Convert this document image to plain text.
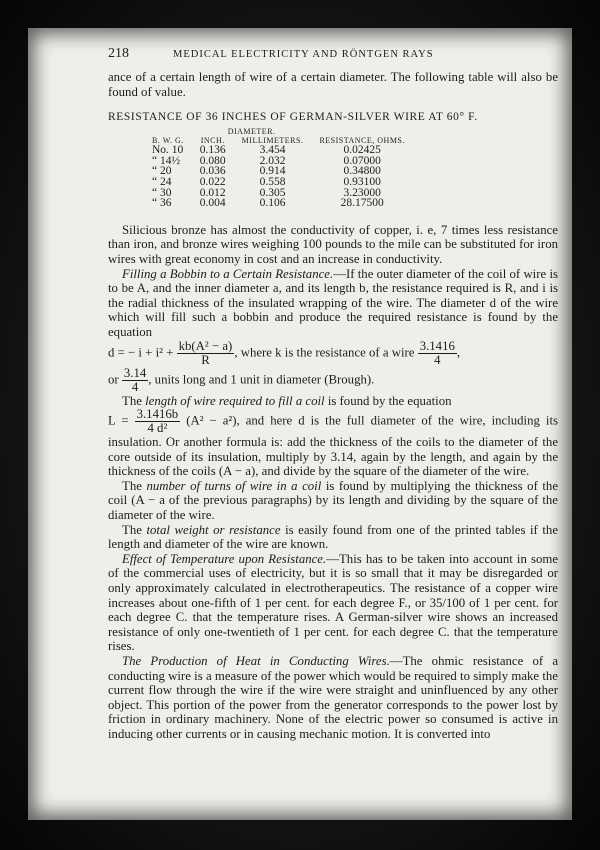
218	MEDICAL ELECTRICITY AND RÖNTGEN RAYS

ance of a certain length of wire of a certain diameter. The following table will also be found of value.

RESISTANCE OF 36 INCHES OF GERMAN-SILVER WIRE AT 60° F.
	DIAMETER.		
B. W. G.	INCH.	MILLIMETERS.	RESISTANCE, OHMS.
No. 10	0.136	3.454	0.02425
“ 14½	0.080	2.032	0.07000
“ 20	0.036	0.914	0.34800
“ 24	0.022	0.558	0.93100
“ 30	0.012	0.305	3.23000
“ 36	0.004	0.106	28.17500

Silicious bronze has almost the conductivity of copper, i. e, 7 times less resistance than iron, and bronze wires weighing 100 pounds to the mile can be substituted for iron wires with great economy in cost and an increase in conductivity.

Filling a Bobbin to a Certain Resistance.—If the outer diameter of the coil of wire is to be A, and the inner diameter a, and its length b, the resistance required is R, and i is the radial thickness of the insulated wrapping of the wire. The diameter d of the wire which will fill such a bobbin and produce the required resistance is found by the equation

d = − $i + i^2 + \frac{\text{kb(A² − a)}}{R}$ , where k is the resistance of a wire $\frac{3.1416}{4}$ ,
or $\frac{3.14}{4}$ , units long and 1 unit in diameter (Brough).

The length of wire required to fill a coil is found by the equation

$L = \frac{3.1416b}{\text{4 d²}} (A^2 - a^2)$, and here d is the full diameter of the wire, including its insulation. Or another formula is: add the thickness of the coils to the diameter of the core outside of its insulation, multiply by 3.14, again by the length, and again by the thickness of the coils (A − a), and divide by the square of the diameter of the wire.

The number of turns of wire in a coil is found by multiplying the thickness of the coil (A − a of the previous paragraphs) by its length and dividing by the square of the diameter of the wire.

The total weight or resistance is easily found from one of the printed tables if the length and diameter of the wire are known.

Effect of Temperature upon Resistance.—This has to be taken into account in some of the commercial uses of electricity, but it is so small that it may be disregarded or only approximately calculated in electrotherapeutics. The resistance of a copper wire increases about one-fifth of 1 per cent. for each degree F., or 35/100 of 1 per cent. for each degree C. that the temperature rises. A German-silver wire shows an increased resistance of only one-twentieth of 1 per cent. for each degree C. that the temperature rises.

The Production of Heat in Conducting Wires.—The ohmic resistance of a conducting wire is a measure of the power which would be required to simply make the current flow through the wire if the wire were straight and uninfluenced by any other object. This portion of the power from the generator corresponds to the power lost by friction in ordinary machinery. None of the electric power so consumed is active in inducing other currents or in causing mechanic motion. It is converted into
